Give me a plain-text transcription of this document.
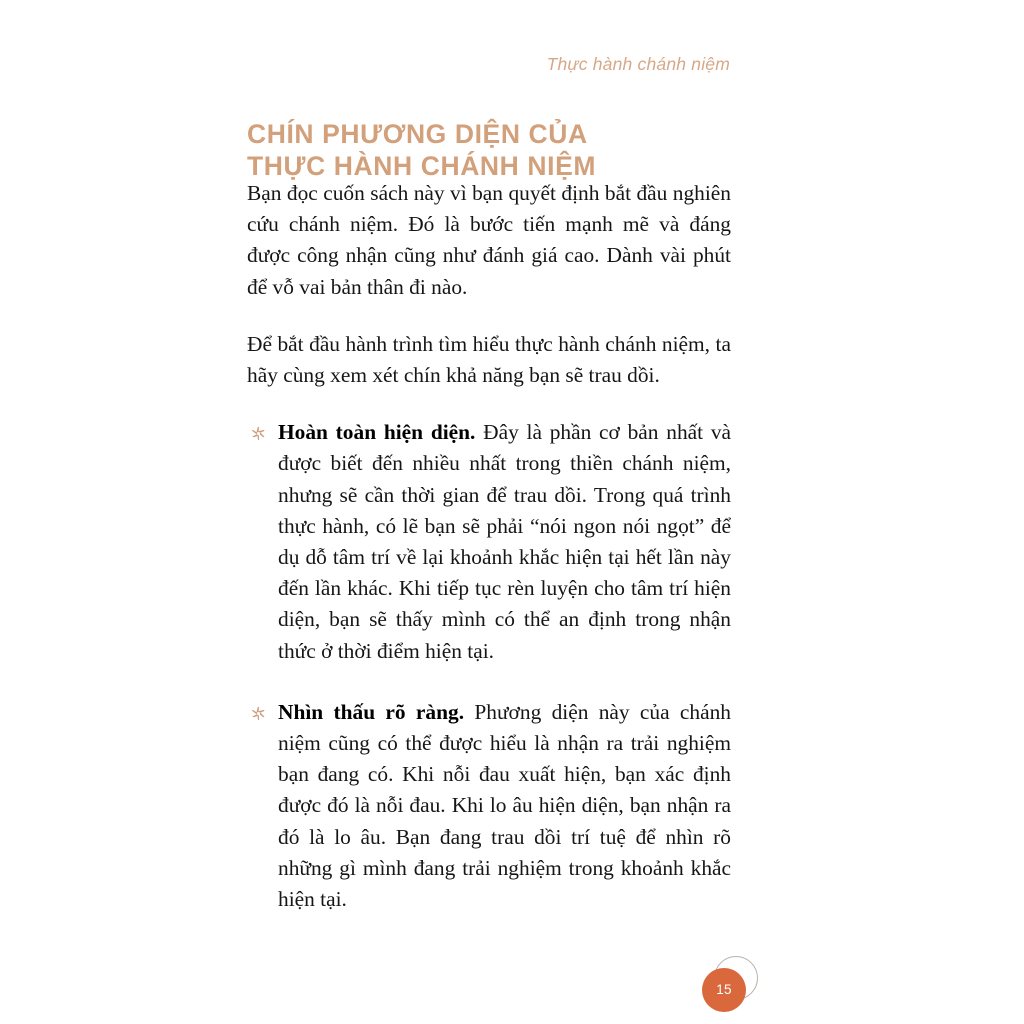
Thực hành chánh niệm
CHÍN PHƯƠNG DIỆN CỦA
THỰC HÀNH CHÁNH NIỆM

Bạn đọc cuốn sách này vì bạn quyết định bắt đầu nghiên cứu chánh niệm. Đó là bước tiến mạnh mẽ và đáng được công nhận cũng như đánh giá cao. Dành vài phút để vỗ vai bản thân đi nào.

Để bắt đầu hành trình tìm hiểu thực hành chánh niệm, ta hãy cùng xem xét chín khả năng bạn sẽ trau dồi.

Hoàn toàn hiện diện. Đây là phần cơ bản nhất và được biết đến nhiều nhất trong thiền chánh niệm, nhưng sẽ cần thời gian để trau dồi. Trong quá trình thực hành, có lẽ bạn sẽ phải “nói ngon nói ngọt” để dụ dỗ tâm trí về lại khoảnh khắc hiện tại hết lần này đến lần khác. Khi tiếp tục rèn luyện cho tâm trí hiện diện, bạn sẽ thấy mình có thể an định trong nhận thức ở thời điểm hiện tại.
Nhìn thấu rõ ràng. Phương diện này của chánh niệm cũng có thể được hiểu là nhận ra trải nghiệm bạn đang có. Khi nỗi đau xuất hiện, bạn xác định được đó là nỗi đau. Khi lo âu hiện diện, bạn nhận ra đó là lo âu. Bạn đang trau dồi trí tuệ để nhìn rõ những gì mình đang trải nghiệm trong khoảnh khắc hiện tại.
15
